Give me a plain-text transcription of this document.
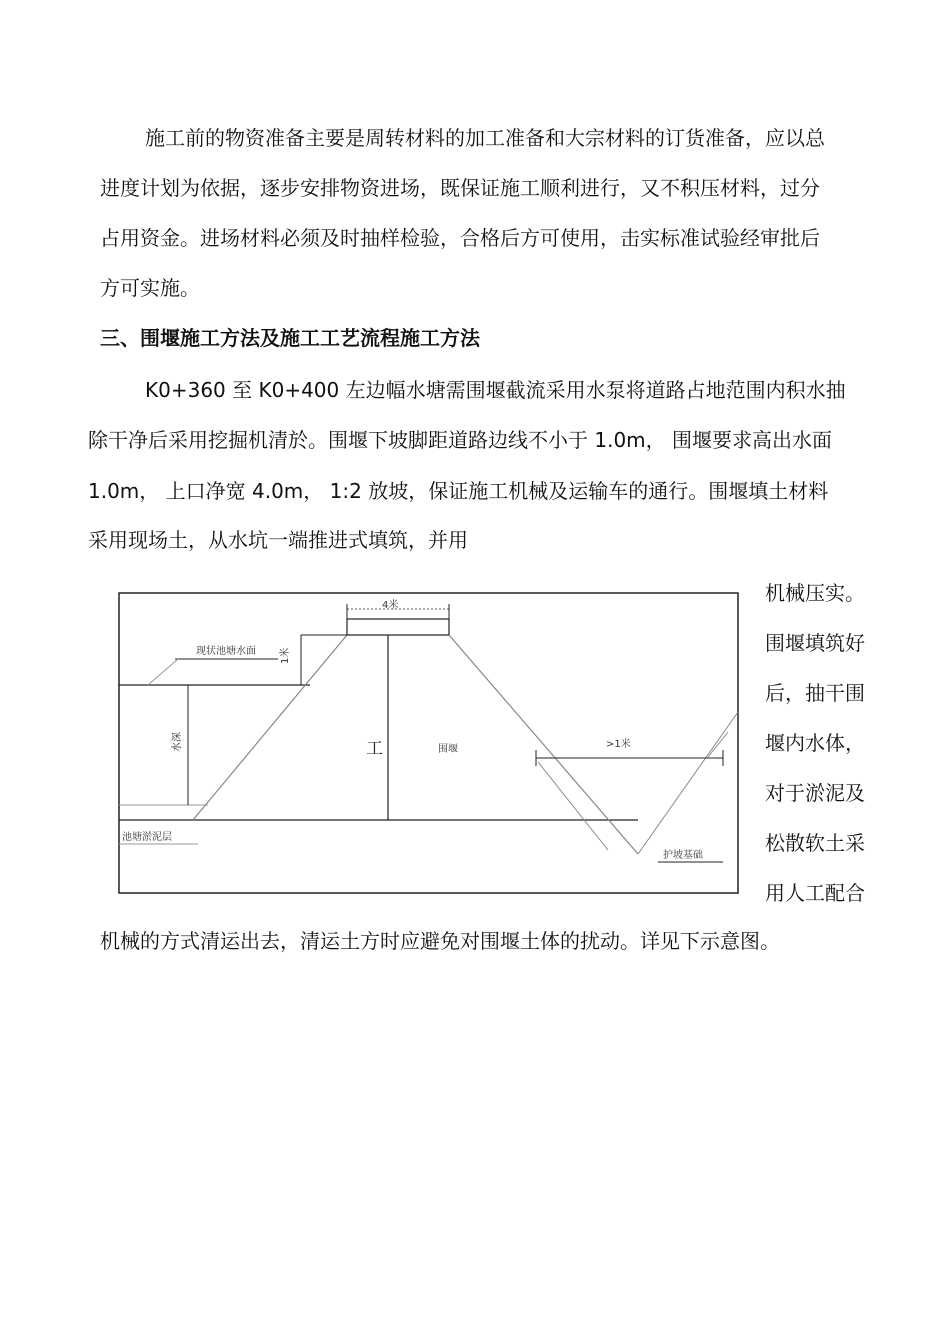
施工前的物资准备主要是周转材料的加工准备和大宗材料的订货准备，应以总
进度计划为依据，逐步安排物资进场，既保证施工顺利进行，又不积压材料，过分
占用资金。进场材料必须及时抽样检验，合格后方可使用，击实标准试验经审批后
方可实施。
三、围堰施工方法及施工工艺流程施工方法
K0+360 至 K0+400 左边幅水塘需围堰截流采用水泵将道路占地范围内积水抽
除干净后采用挖掘机清於。围堰下坡脚距道路边线不小于 1.0m， 围堰要求高出水面
1.0m， 上口净宽 4.0m， 1:2 放坡，保证施工机械及运输车的通行。围堰填土材料
采用现场土，从水坑一端推进式填筑，并用
机械压实。
围堰填筑好
后，抽干围
堰内水体，
对于淤泥及
松散软土采
用人工配合
4米
现状池塘水面 1米
水深	工	围堰	>1米
池塘淤泥层
护坡基础
机械的方式清运出去，清运土方时应避免对围堰土体的扰动。详见下示意图。
